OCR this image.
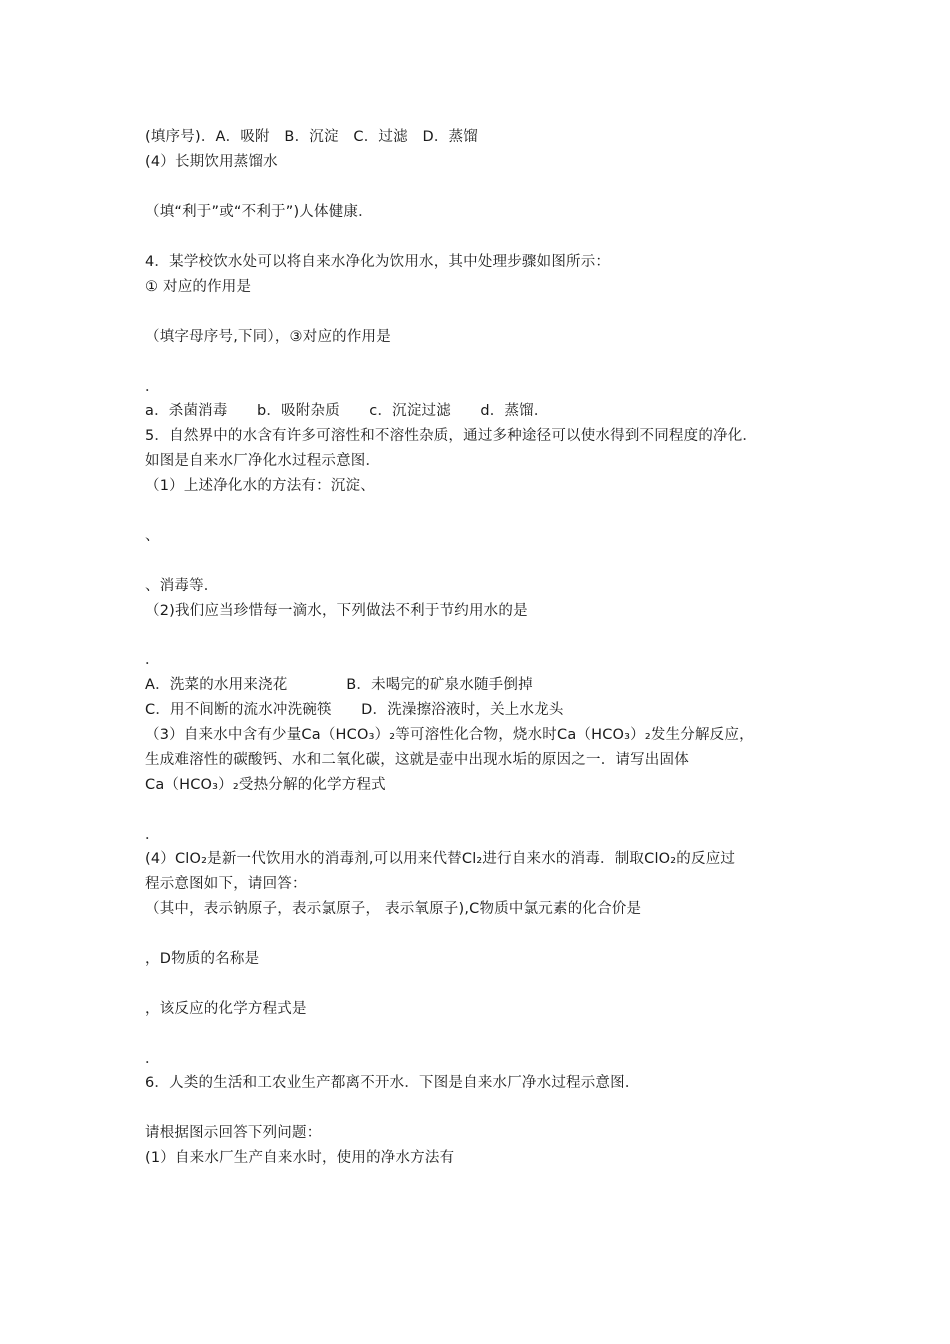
(填序号)．A．吸附　B．沉淀　C．过滤　D．蒸馏
(4）长期饮用蒸馏水
（填“利于”或“不利于”)人体健康．
4．某学校饮水处可以将自来水净化为饮用水，其中处理步骤如图所示：
① 对应的作用是
（填字母序号,下同），③对应的作用是
．
a．杀菌消毒　　b．吸附杂质　　c．沉淀过滤　　d．蒸馏．
5．自然界中的水含有许多可溶性和不溶性杂质，通过多种途径可以使水得到不同程度的净化．
如图是自来水厂净化水过程示意图．
（1）上述净化水的方法有：沉淀、
、
、消毒等．
（2)我们应当珍惜每一滴水，下列做法不利于节约用水的是
．
A．洗菜的水用来浇花　　　　B．未喝完的矿泉水随手倒掉
C．用不间断的流水冲洗碗筷　　D．洗澡擦浴液时，关上水龙头
（3）自来水中含有少量Ca（HCO₃）₂等可溶性化合物，烧水时Ca（HCO₃）₂发生分解反应，
生成难溶性的碳酸钙、水和二氧化碳，这就是壶中出现水垢的原因之一．请写出固体
Ca（HCO₃）₂受热分解的化学方程式
．
(4）ClO₂是新一代饮用水的消毒剂,可以用来代替Cl₂进行自来水的消毒．制取ClO₂的反应过
程示意图如下，请回答：
（其中，表示钠原子，表示氯原子， 表示氧原子),C物质中氯元素的化合价是
，D物质的名称是
，该反应的化学方程式是
．
6．人类的生活和工农业生产都离不开水．下图是自来水厂净水过程示意图．
请根据图示回答下列问题：
(1）自来水厂生产自来水时，使用的净水方法有
